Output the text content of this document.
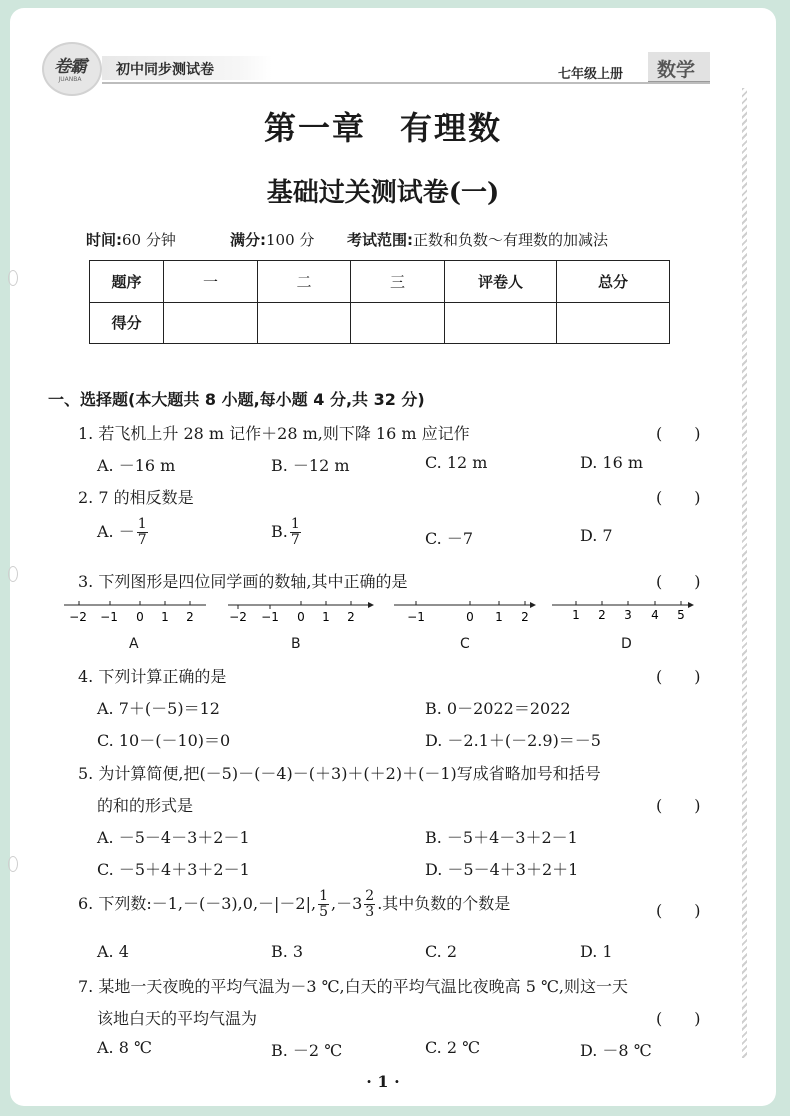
卷霸
JUANBA
初中同步测试卷	七年级上册 数学
第一章 有理数
基础过关测试卷(一)
时间:60 分钟	满分:100 分 考试范围:正数和负数～有理数的加减法
题序	一	二	三	评卷人	总分
得分					
一、选择题(本大题共 8 小题,每小题 4 分,共 32 分)
1. 若飞机上升 28 m 记作＋28 m,则下降 16 m 应记作	(　　)
A. －16 m	B. －12 m	C. 12 m	D. 16 m
2. 7 的相反数是	(　　)
A. － $\frac{1}{7}$	B. $\frac{1}{7}$	C. －7	D. 7
3. 下列图形是四位同学画的数轴,其中正确的是	(　　)
−2 −1 0 1 2
A
−2 −1 0 1 2
B
−1	0 1 2
C
1 2 3 4 5
D
4. 下列计算正确的是	(　　)
A. 7＋(－5)＝12	B. 0－2022＝2022
C. 10－(－10)＝0	D. －2.1＋(－2.9)＝－5
5. 为计算简便,把(－5)－(－4)－(＋3)＋(＋2)＋(－1)写成省略加号和括号
的和的形式是	(　　)
A. －5－4－3＋2－1	B. －5＋4－3＋2－1
C. －5＋4＋3＋2－1	D. －5－4＋3＋2＋1
6. 下列数:－1,－(－3),0,－|－2|, $\frac{1}{5} ,-3 \frac{2}{3}$ .其中负数的个数是	(　　)
A. 4	B. 3	C. 2	D. 1
7. 某地一天夜晚的平均气温为－3 ℃,白天的平均气温比夜晚高 5 ℃,则这一天
该地白天的平均气温为	(　　)
A. 8 ℃	B. －2 ℃	C. 2 ℃	D. －8 ℃
· 1 ·
